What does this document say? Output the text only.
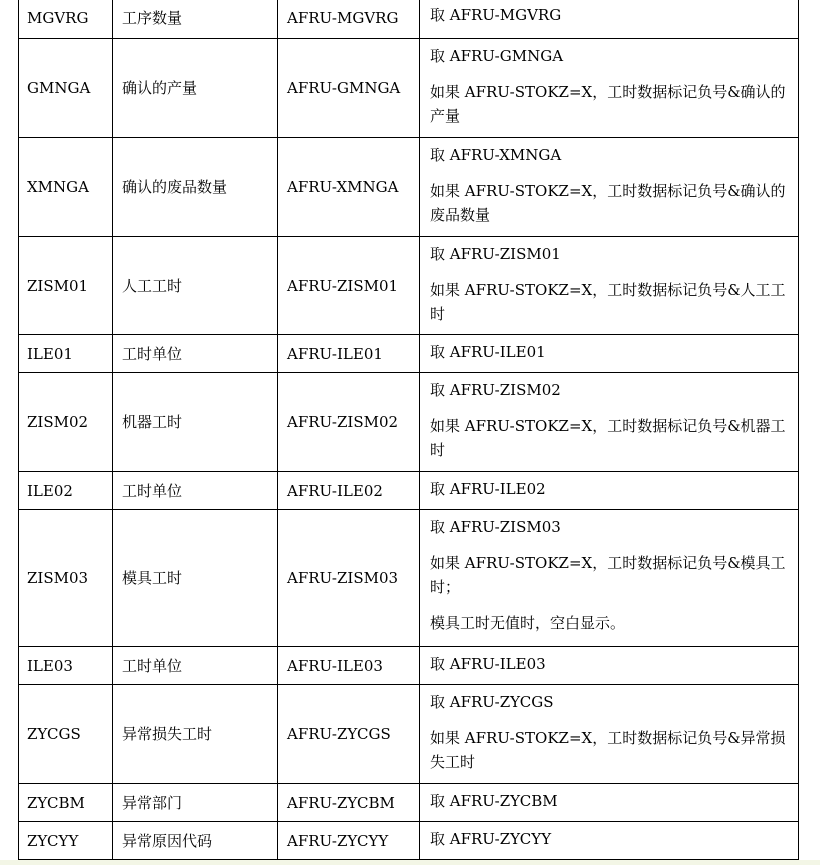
MGVRG	工序数量	AFRU-MGVRG	取 AFRU-MGVRG

GMNGA	确认的产量	AFRU-GMNGA	取 AFRU-GMNGA

如果 AFRU-STOKZ=X，工时数据标记负号&确认的产量

XMNGA	确认的废品数量	AFRU-XMNGA	取 AFRU-XMNGA

如果 AFRU-STOKZ=X，工时数据标记负号&确认的废品数量

ZISM01	人工工时	AFRU-ZISM01	取 AFRU-ZISM01

如果 AFRU-STOKZ=X，工时数据标记负号&人工工时

ILE01	工时单位	AFRU-ILE01	取 AFRU-ILE01

ZISM02	机器工时	AFRU-ZISM02	取 AFRU-ZISM02

如果 AFRU-STOKZ=X，工时数据标记负号&机器工时

ILE02	工时单位	AFRU-ILE02	取 AFRU-ILE02

ZISM03	模具工时	AFRU-ZISM03	取 AFRU-ZISM03

如果 AFRU-STOKZ=X，工时数据标记负号&模具工时；

模具工时无值时，空白显示。

ILE03	工时单位	AFRU-ILE03	取 AFRU-ILE03

ZYCGS	异常损失工时	AFRU-ZYCGS	取 AFRU-ZYCGS

如果 AFRU-STOKZ=X，工时数据标记负号&异常损失工时

ZYCBM	异常部门	AFRU-ZYCBM	取 AFRU-ZYCBM

ZYCYY	异常原因代码	AFRU-ZYCYY	取 AFRU-ZYCYY
